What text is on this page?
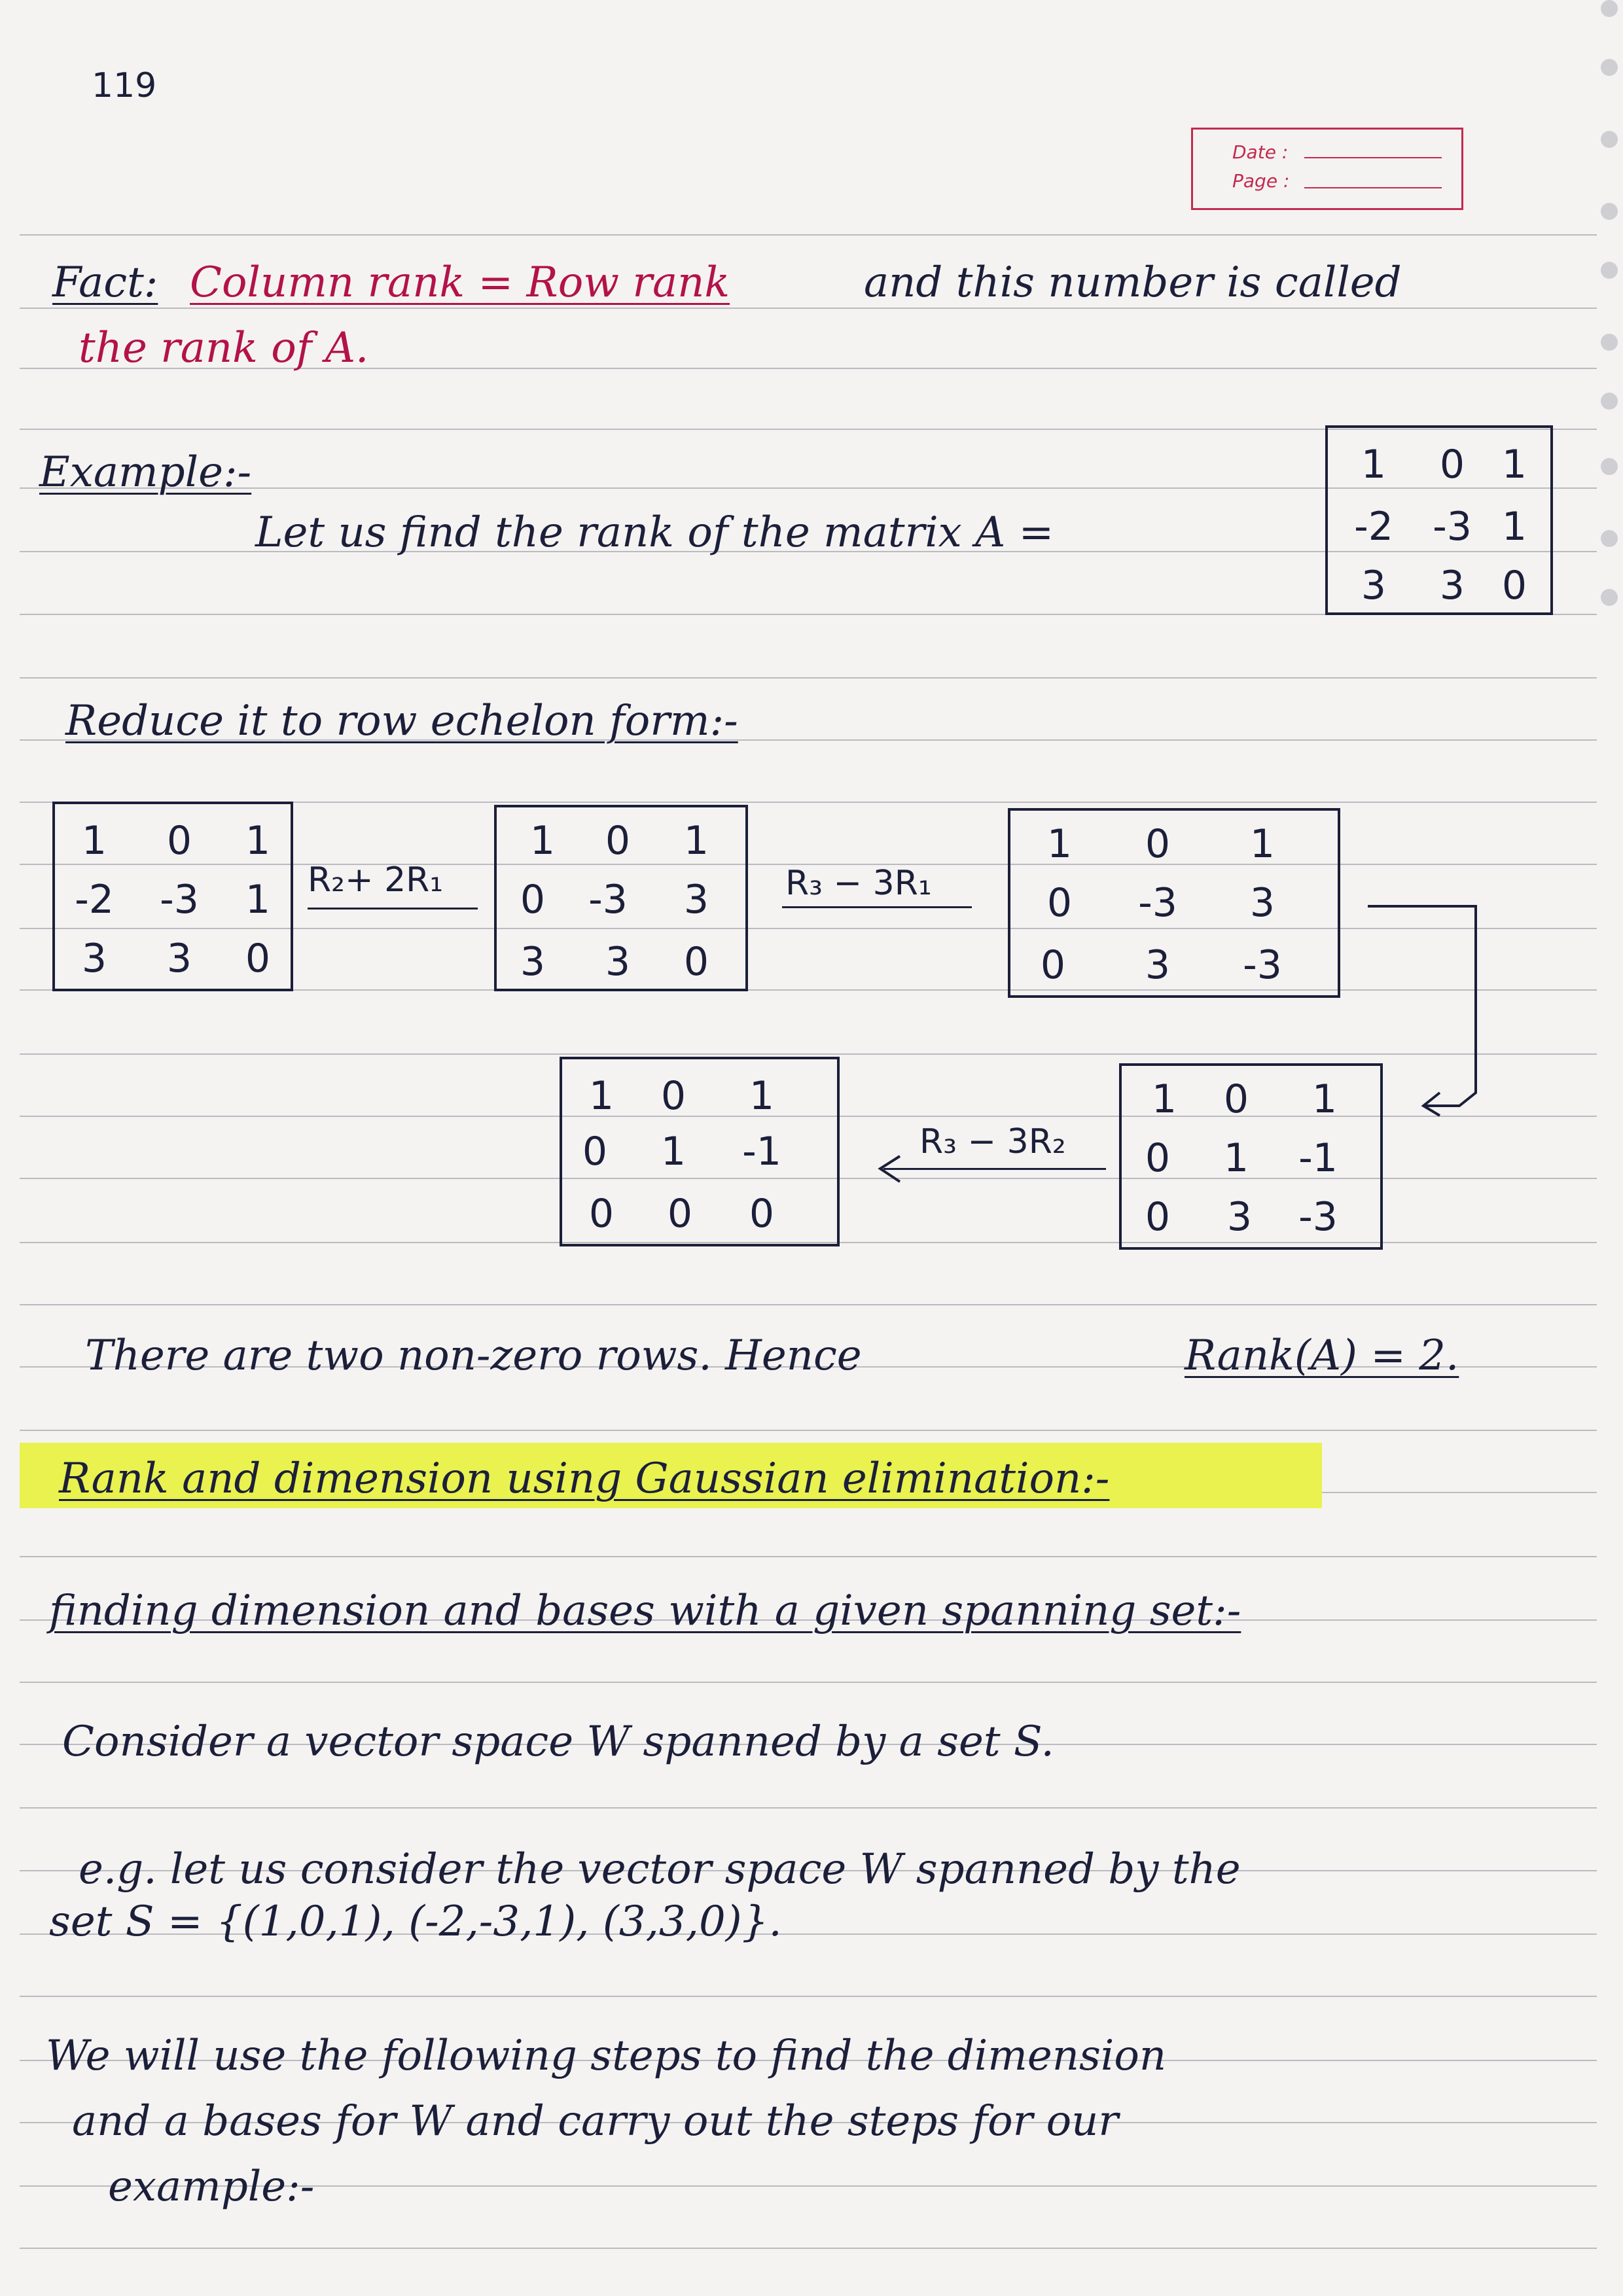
119
Date :
Page :
Fact: Column rank = Row rank	and this number is called
the rank of A.
Example:-
Let us find the rank of the matrix A =
1 0 1
-2 -3 1
3 3 0
Reduce it to row echelon form:-
1 0 1
-2 -3 1
3 3 0
R₂+ 2R₁
1 0 1
0 -3 3
3 3 0
R₃ − 3R₁
1 0 1
0 -3 3
0 3 -3
1 0 1
0 1 -1
0 0 0
R₃ − 3R₂
1 0 1
0 1 -1
0 3 -3
There are two non-zero rows. Hence	Rank(A) = 2.
Rank and dimension using Gaussian elimination:-
finding dimension and bases with a given spanning set:-
Consider a vector space W spanned by a set S.
e.g. let us consider the vector space W spanned by the
set S = {(1,0,1), (-2,-3,1), (3,3,0)}.
We will use the following steps to find the dimension
and a bases for W and carry out the steps for our
example:-
